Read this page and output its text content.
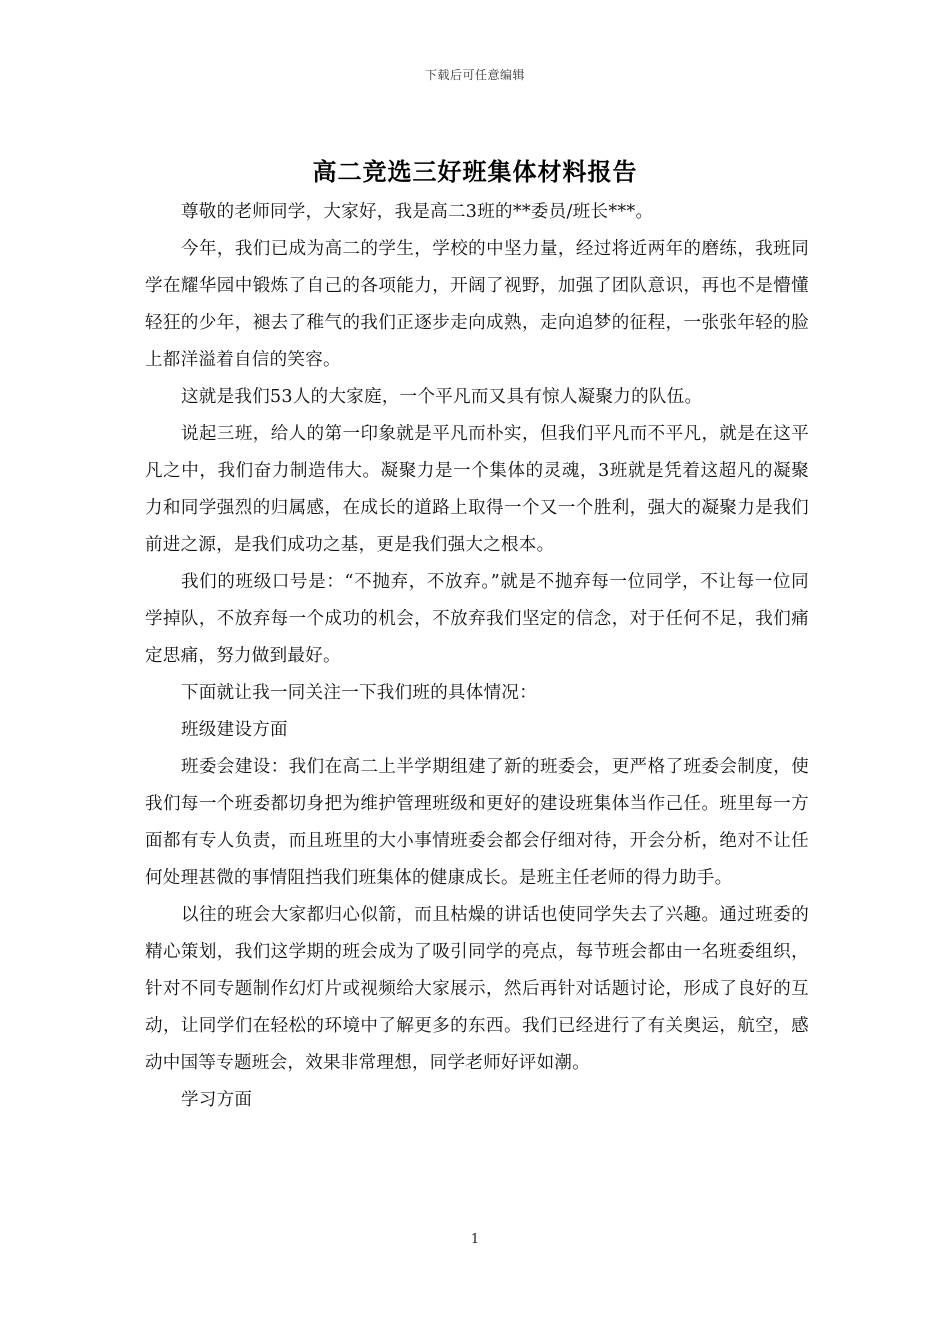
下载后可任意编辑
高二竞选三好班集体材料报告

尊敬的老师同学，大家好，我是高二3班的**委员/班长***。

今年，我们已成为高二的学生，学校的中坚力量，经过将近两年的磨练，我班同学在耀华园中锻炼了自己的各项能力，开阔了视野，加强了团队意识，再也不是懵懂轻狂的少年，褪去了稚气的我们正逐步走向成熟，走向追梦的征程，一张张年轻的脸上都洋溢着自信的笑容。

这就是我们53人的大家庭，一个平凡而又具有惊人凝聚力的队伍。

说起三班，给人的第一印象就是平凡而朴实，但我们平凡而不平凡，就是在这平凡之中，我们奋力制造伟大。凝聚力是一个集体的灵魂，3班就是凭着这超凡的凝聚力和同学强烈的归属感，在成长的道路上取得一个又一个胜利，强大的凝聚力是我们前进之源，是我们成功之基，更是我们强大之根本。

我们的班级口号是：“不抛弃，不放弃。”就是不抛弃每一位同学，不让每一位同学掉队，不放弃每一个成功的机会，不放弃我们坚定的信念，对于任何不足，我们痛定思痛，努力做到最好。

下面就让我一同关注一下我们班的具体情况：

班级建设方面

班委会建设：我们在高二上半学期组建了新的班委会，更严格了班委会制度，使我们每一个班委都切身把为维护管理班级和更好的建设班集体当作己任。班里每一方面都有专人负责，而且班里的大小事情班委会都会仔细对待，开会分析，绝对不让任何处理甚微的事情阻挡我们班集体的健康成长。是班主任老师的得力助手。

以往的班会大家都归心似箭，而且枯燥的讲话也使同学失去了兴趣。通过班委的精心策划，我们这学期的班会成为了吸引同学的亮点，每节班会都由一名班委组织，针对不同专题制作幻灯片或视频给大家展示，然后再针对话题讨论，形成了良好的互动，让同学们在轻松的环境中了解更多的东西。我们已经进行了有关奥运，航空，感动中国等专题班会，效果非常理想，同学老师好评如潮。

学习方面

1
